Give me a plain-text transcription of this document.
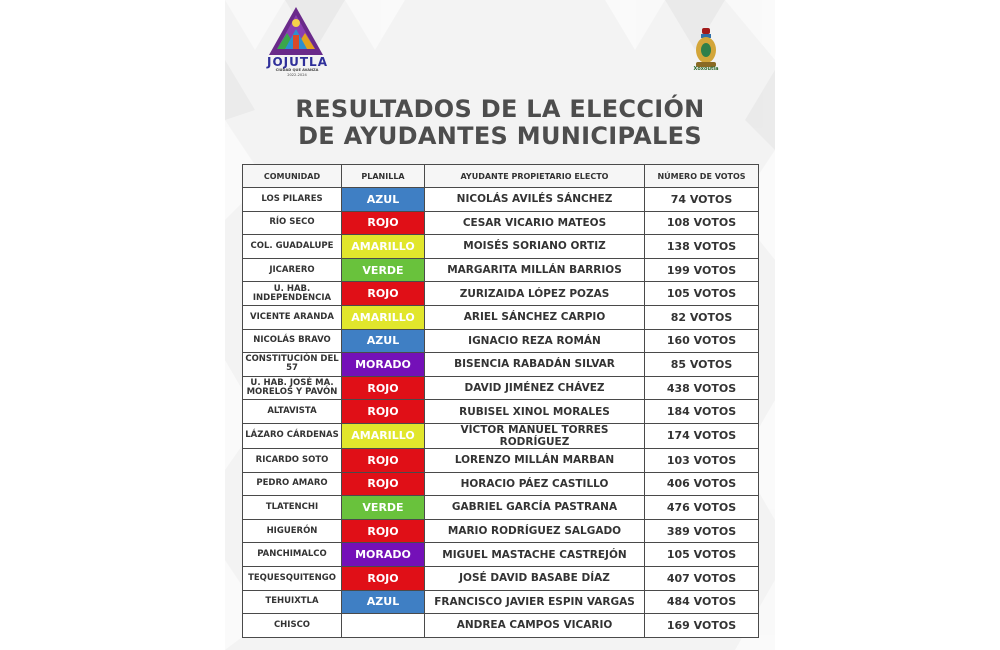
JOJUTLA
CIUDAD QUE AVANZA
2022-2024
Xoxoutla
RESULTADOS DE LA ELECCIÓN
DE AYUDANTES MUNICIPALES
COMUNIDAD	PLANILLA	AYUDANTE PROPIETARIO ELECTO	NÚMERO DE VOTOS
LOS PILARES	AZUL	NICOLÁS AVILÉS SÁNCHEZ	74 VOTOS
RÍO SECO	ROJO	CESAR VICARIO MATEOS	108 VOTOS
COL. GUADALUPE	AMARILLO	MOISÉS SORIANO ORTIZ	138 VOTOS
JICARERO	VERDE	MARGARITA MILLÁN BARRIOS	199 VOTOS
U. HAB. INDEPENDENCIA	ROJO	ZURIZAIDA LÓPEZ POZAS	105 VOTOS
VICENTE ARANDA	AMARILLO	ARIEL SÁNCHEZ CARPIO	82 VOTOS
NICOLÁS BRAVO	AZUL	IGNACIO REZA ROMÁN	160 VOTOS
CONSTITUCIÓN DEL 57	MORADO	BISENCIA RABADÁN SILVAR	85 VOTOS
U. HAB. JOSÉ MA. MORELOS Y PAVÓN	ROJO	DAVID JIMÉNEZ CHÁVEZ	438 VOTOS
ALTAVISTA	ROJO	RUBISEL XINOL MORALES	184 VOTOS
LÁZARO CÁRDENAS	AMARILLO	VÍCTOR MANUEL TORRES RODRÍGUEZ	174 VOTOS
RICARDO SOTO	ROJO	LORENZO MILLÁN MARBAN	103 VOTOS
PEDRO AMARO	ROJO	HORACIO PÁEZ CASTILLO	406 VOTOS
TLATENCHI	VERDE	GABRIEL GARCÍA PASTRANA	476 VOTOS
HIGUERÓN	ROJO	MARIO RODRÍGUEZ SALGADO	389 VOTOS
PANCHIMALCO	MORADO	MIGUEL MASTACHE CASTREJÓN	105 VOTOS
TEQUESQUITENGO	ROJO	JOSÉ DAVID BASABE DÍAZ	407 VOTOS
TEHUIXTLA	AZUL	FRANCISCO JAVIER ESPIN VARGAS	484 VOTOS
CHISCO		ANDREA CAMPOS VICARIO	169 VOTOS
